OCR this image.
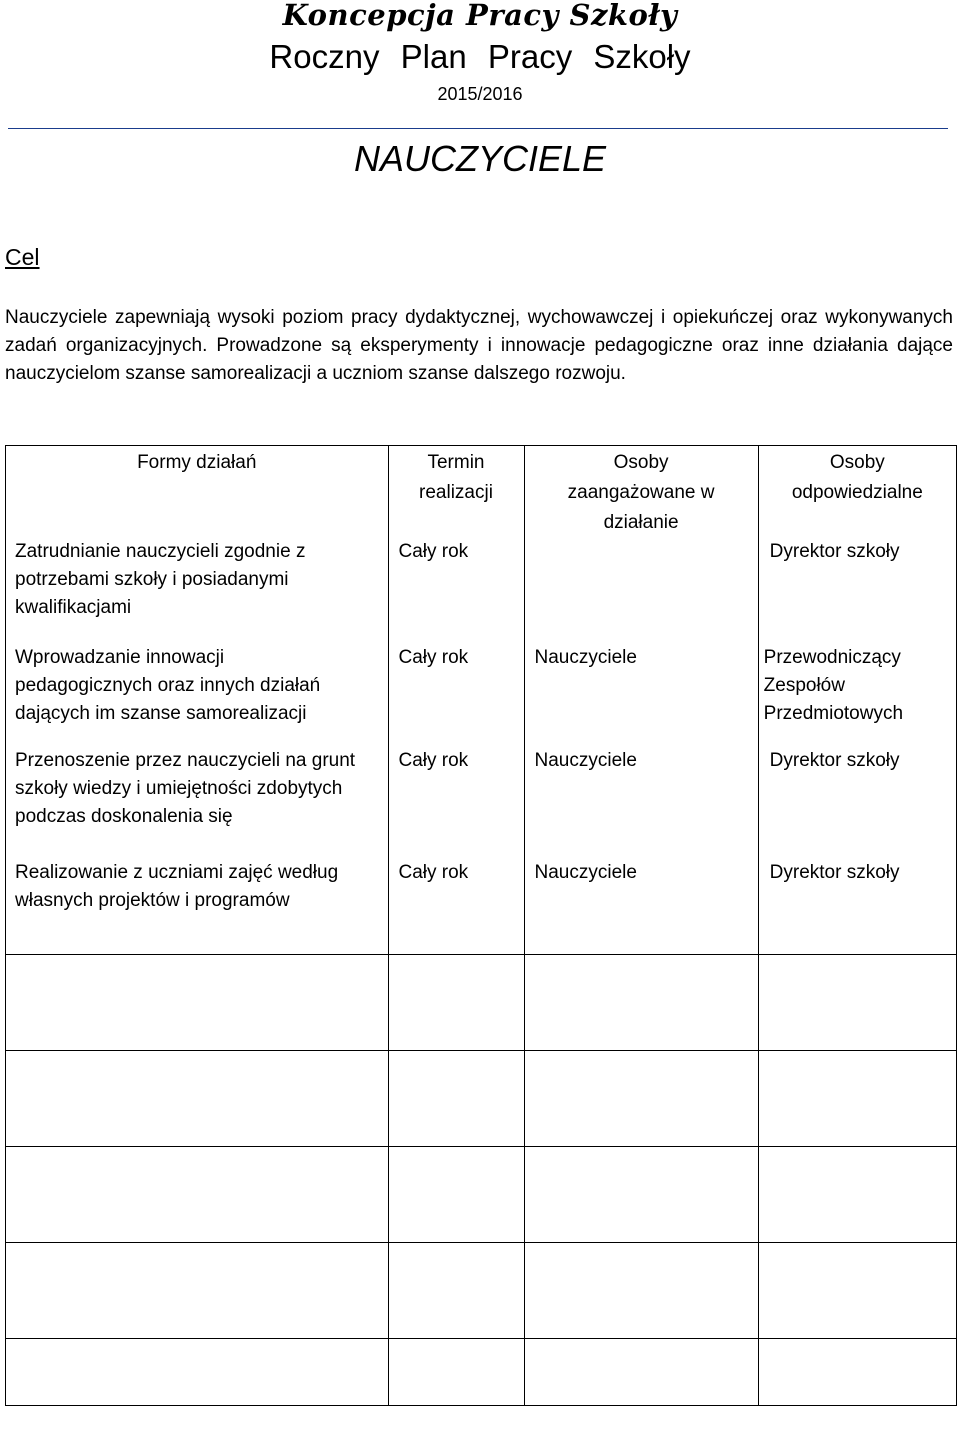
Koncepcja Pracy Szkoły
Roczny Plan Pracy Szkoły
2015/2016
NAUCZYCIELE
Cel

Nauczyciele zapewniają wysoki poziom pracy dydaktycznej, wychowawczej i opiekuńczej oraz wykonywanych zadań organizacyjnych. Prowadzone są eksperymenty i innowacje pedagogiczne oraz inne działania dające nauczycielom szanse samorealizacji a uczniom szanse dalszego rozwoju.

Formy działań	Termin realizacji	Osoby zaangażowane w działanie	Osoby odpowiedzialne

Zatrudnianie nauczycieli zgodnie z potrzebami szkoły i posiadanymi kwalifikacjami	Cały rok		Dyrektor szkoły

Wprowadzanie innowacji pedagogicznych oraz innych działań dających im szanse samorealizacji	Cały rok	Nauczyciele	Przewodniczący Zespołów Przedmiotowych

Przenoszenie przez nauczycieli na grunt szkoły wiedzy i umiejętności zdobytych podczas doskonalenia się	Cały rok	Nauczyciele	Dyrektor szkoły

Realizowanie z uczniami zajęć według własnych projektów i programów	Cały rok	Nauczyciele	Dyrektor szkoły
